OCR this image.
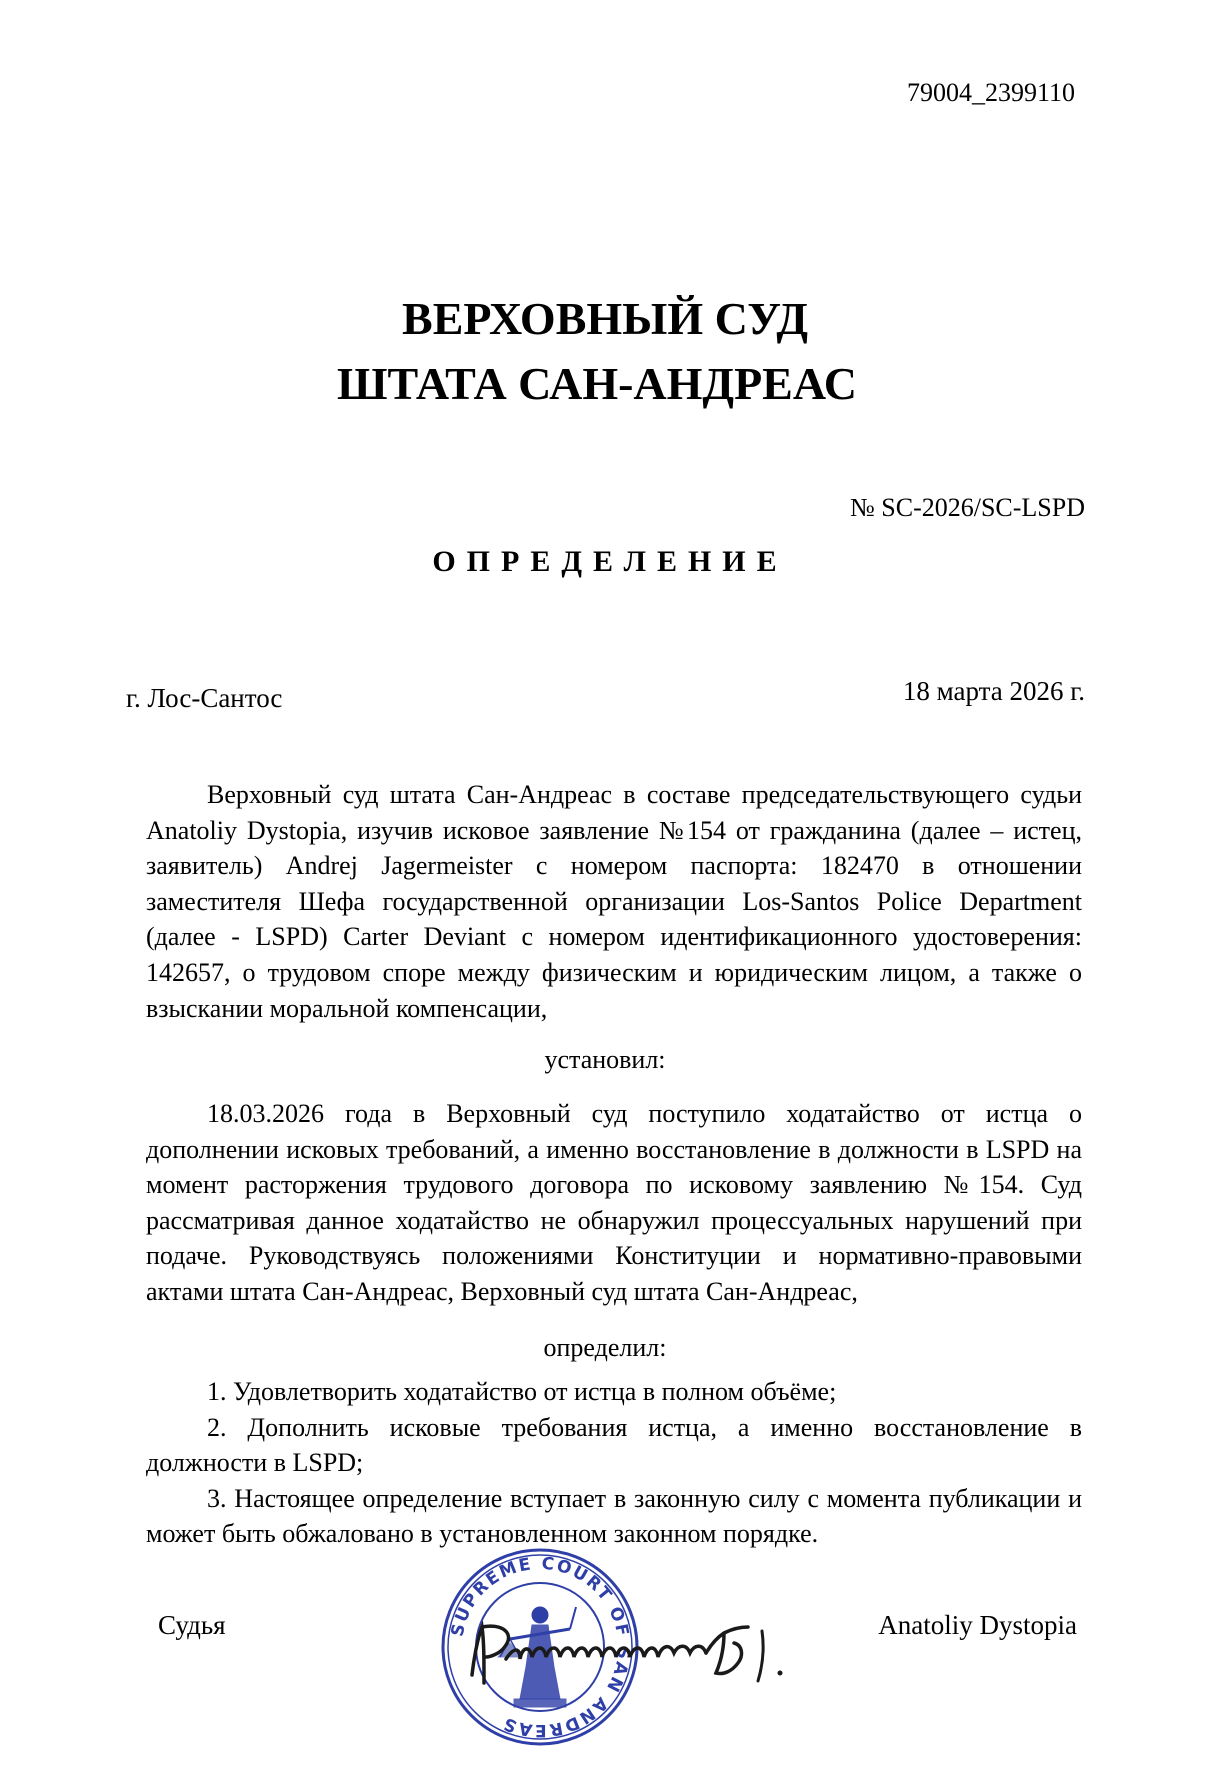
79004_2399110
ВЕРХОВНЫЙ СУД
ШТАТА САН-АНДРЕАС
№ SC-2026/SC-LSPD
ОПРЕДЕЛЕНИЕ
г. Лос-Сантос	18 марта 2026 г.

Верховный суд штата Сан-Андреас в составе председательствующего судьи Anatoliy Dystopia, изучив исковое заявление №154 от гражданина (далее – истец, заявитель) Andrej Jagermeister с номером паспорта: 182470 в отношении заместителя Шефа государственной организации Los-Santos Police Department (далее - LSPD) Carter Deviant с номером идентификационного удостоверения: 142657, о трудовом споре между физическим и юридическим лицом, а также о взыскании моральной компенсации,

установил:

18.03.2026 года в Верховный суд поступило ходатайство от истца о дополнении исковых требований, а именно восстановление в должности в LSPD на момент расторжения трудового договора по исковому заявлению №154. Суд рассматривая данное ходатайство не обнаружил процессуальных нарушений при подаче. Руководствуясь положениями Конституции и нормативно-правовыми актами штата Сан-Андреас, Верховный суд штата Сан-Андреас,

определил:

1. Удовлетворить ходатайство от истца в полном объёме;

2. Дополнить исковые требования истца, а именно восстановление в должности в LSPD;

3. Настоящее определение вступает в законную силу с момента публикации и может быть обжаловано в установленном законном порядке.

Судья	SUPREME COURT OF SAN ANDREAS
Anatoliy Dystopia
